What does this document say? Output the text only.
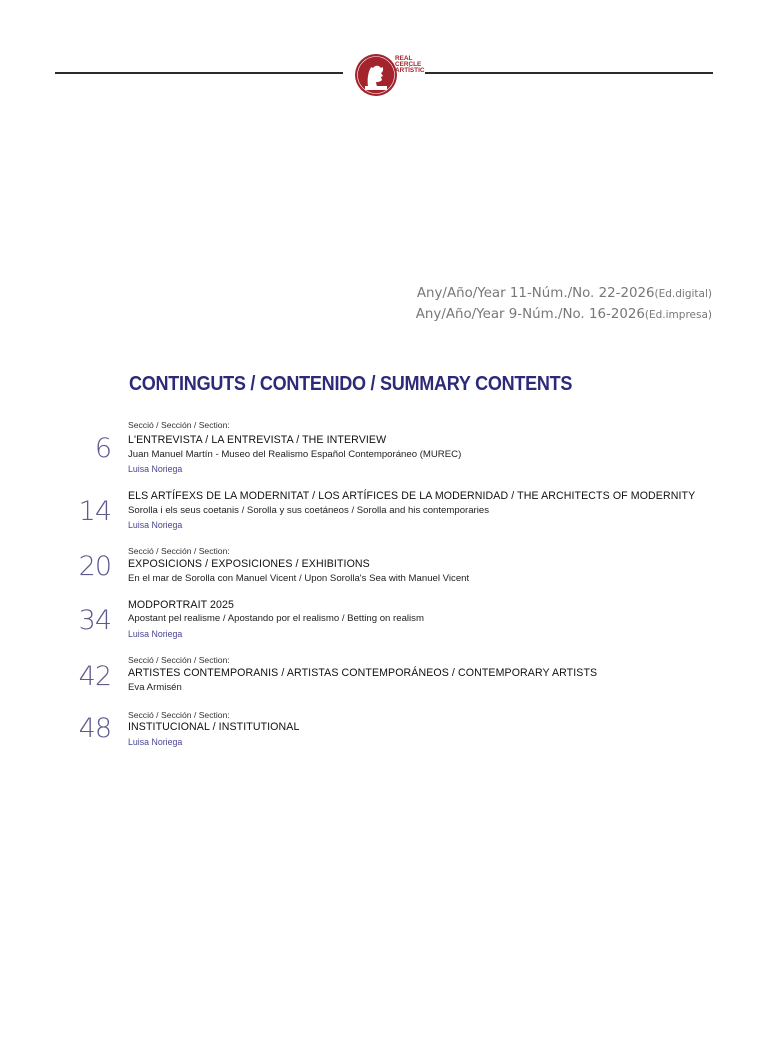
REAL
CERCLE
ARTÍSTIC
Any/Año/Year 11-Núm./No. 22-2026(Ed.digital)
Any/Año/Year 9-Núm./No. 16-2026(Ed.impresa)
CONTINGUTS / CONTENIDO / SUMMARY CONTENTS
6
Secció / Sección / Section:
L'ENTREVISTA / LA ENTREVISTA / THE INTERVIEW
Juan Manuel Martín - Museo del Realismo Español Contemporáneo (MUREC)
Luisa Noriega
14 ELS ARTÍFEXS DE LA MODERNITAT / LOS ARTÍFICES DE LA MODERNIDAD / THE ARCHITECTS OF MODERNITY
Sorolla i els seus coetanis / Sorolla y sus coetáneos / Sorolla and his contemporaries
Luisa Noriega
20 Secció / Sección / Section:
EXPOSICIONS / EXPOSICIONES / EXHIBITIONS
En el mar de Sorolla con Manuel Vicent / Upon Sorolla's Sea with Manuel Vicent
34 MODPORTRAIT 2025
Apostant pel realisme / Apostando por el realismo / Betting on realism
Luisa Noriega
42
Secció / Sección / Section:
ARTISTES CONTEMPORANIS / ARTISTAS CONTEMPORÁNEOS / CONTEMPORARY ARTISTS
Eva Armisén
48 Secció / Sección / Section:
INSTITUCIONAL / INSTITUTIONAL
Luisa Noriega
